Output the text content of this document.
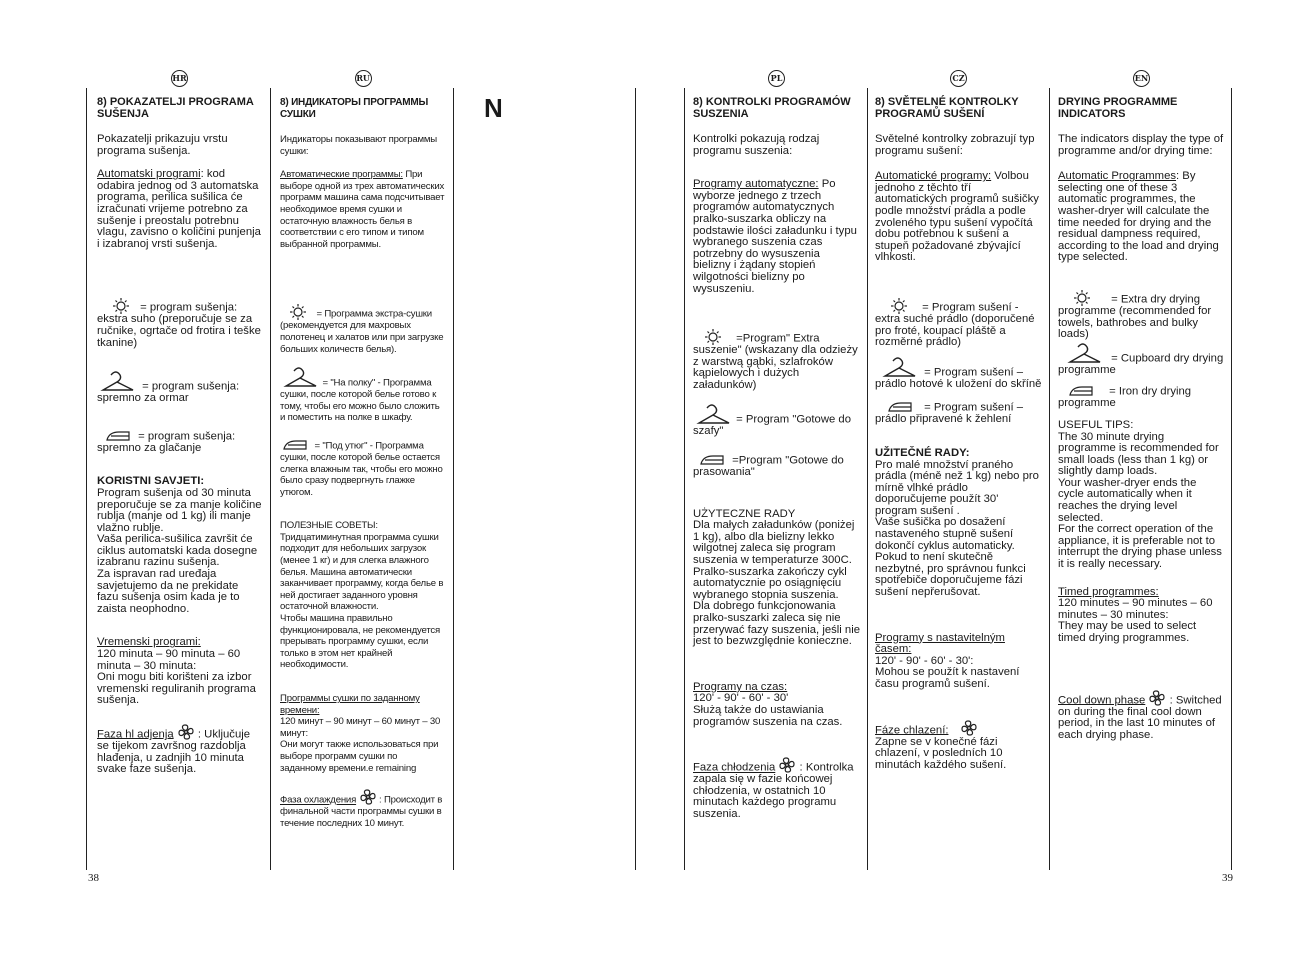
N
HR
8) POKAZATELJI PROGRAMA SUŠENJA

Pokazatelji prikazuju vrstu programa sušenja.

Automatski programi: kod odabira jednog od 3 automatska programa, perilica sušilica će izračunati vrijeme potrebno za sušenje i preostalu potrebnu vlagu, zavisno o količini punjenja i izabranoj vrsti sušenja.

= program sušenja: ekstra suho (preporučuje se za ručnike, ogrtače od frotira i teške tkanine)

= program sušenja: spremno za ormar

= program sušenja: spremno za glačanje

KORISTNI SAVJETI:

Program sušenja od 30 minuta preporučuje se za manje količine rublja (manje od 1 kg) ili manje vlažno rublje.

Vaša perilica-sušilica završit će ciklus automatski kada dosegne izabranu razinu sušenja.

Za ispravan rad uređaja savjetujemo da ne prekidate fazu sušenja osim kada je to zaista neophodno.

Vremenski programi:

120 minuta – 90 minuta – 60 minuta – 30 minuta:

Oni mogu biti korišteni za izbor vremenski reguliranih programa sušenja.

Faza hl adjenja  : Uključuje se tijekom završnog razdoblja hlađenja, u zadnjih 10 minuta svake faze sušenja.

RU
8) ИНДИКАТОРЫ ПРОГРАММЫ СУШКИ

Индикаторы показывают программы сушки:

Автоматические программы: При выборе одной из трех автоматических программ машина сама подсчитывает необходимое время сушки и остаточную влажность белья в соответствии с его типом и типом выбранной программы.

= Программа экстра-сушки (рекомендуется для махровых полотенец и халатов или при загрузке больших количеств белья).

= "На полку" - Программа сушки, после которой белье готово к тому, чтобы его можно было сложить и поместить на полке в шкафу.

= "Под утюг" - Программа сушки, после которой белье остается слегка влажным так, чтобы его можно было сразу подвергнуть глажке утюгом.

ПОЛЕЗНЫЕ СОВЕТЫ:

Тридцатиминутная программа сушки подходит для небольших загрузок (менее 1 кг) и для слегка влажного белья. Машина автоматически заканчивает программу, когда белье в ней достигает заданного уровня остаточной влажности.

Чтобы машина правильно функционировала, не рекомендуется прерывать программу сушки, если только в этом нет крайней необходимости.

Программы сушки по заданному времени:

120 минут – 90 минут – 60 минут – 30 минут:

Они могут также использоваться при выборе программ сушки по заданному времени.e remaining

Фаза охлаждения  : Происходит в финальной части программы сушки в течение последних 10 минут.

PL
8) KONTROLKI PROGRAMÓW SUSZENIA

Kontrolki pokazują rodzaj programu suszenia:

Programy automatyczne: Po wyborze jednego z trzech programów automatycznych pralko-suszarka obliczy na podstawie ilości załadunku i typu wybranego suszenia czas potrzebny do wysuszenia bielizny i żądany stopień wilgotności bielizny po wysuszeniu.

=Program" Extra suszenie" (wskazany dla odzieży z warstwą gąbki, szlafroków kąpielowych i dużych załadunków)

= Program "Gotowe do szafy"

=Program "Gotowe do prasowania"

UŻYTECZNE RADY

Dla małych załadunków (poniżej 1 kg), albo dla bielizny lekko wilgotnej zaleca się program suszenia w temperaturze 300C.

Pralko-suszarka zakończy cykl automatycznie po osiągnięciu wybranego stopnia suszenia.

Dla dobrego funkcjonowania pralko-suszarki zaleca się nie przerywać fazy suszenia, jeśli nie jest to bezwzględnie konieczne.

Programy na czas:

120' - 90' - 60' - 30'

Służą także do ustawiania programów suszenia na czas.

Faza chłodzenia  : Kontrolka zapala się w fazie końcowej chłodzenia, w ostatnich 10 minutach każdego programu suszenia.

CZ
8) SVĚTELNÉ KONTROLKY PROGRAMŮ SUŠENÍ

Světelné kontrolky zobrazují typ programu sušení:

Automatické programy: Volbou jednoho z těchto tří automatických programů sušičky podle množství prádla a podle zvoleného typu sušení vypočítá dobu potřebnou k sušení a stupeň požadované zbývající vlhkosti.

= Program sušení - extra suché prádlo (doporučené pro froté, koupací pláště a rozměrné prádlo)

= Program sušení – prádlo hotové k uložení do skříně

= Program sušení – prádlo připravené k žehlení

UŽITEČNÉ RADY:

Pro malé množství praného prádla (méně než 1 kg) nebo pro mírně vlhké prádlo doporučujeme použít 30' program sušení .

Vaše sušička po dosažení nastaveného stupně sušení dokončí cyklus automaticky.

Pokud to není skutečně nezbytné, pro správnou funkci spotřebiče doporučujeme fázi sušení nepřerušovat.

Programy s nastavitelným časem:

120' - 90' - 60' - 30':

Mohou se použít k nastavení času programů sušení.

Fáze chlazení:
Zapne se v konečné fázi chlazení, v posledních 10 minutách každého sušení.

EN
DRYING PROGRAMME INDICATORS

The indicators display the type of programme and/or drying time:

Automatic Programmes: By selecting one of these 3 automatic programmes, the washer-dryer will calculate the time needed for drying and the residual dampness required, according to the load and drying type selected.

= Extra dry drying programme (recommended for towels, bathrobes and bulky loads)

= Cupboard dry drying programme

= Iron dry drying programme

USEFUL TIPS:

The 30 minute drying programme is recommended for small loads (less than 1 kg) or slightly damp loads.

Your washer-dryer ends the cycle automatically when it reaches the drying level selected.

For the correct operation of the appliance, it is preferable not to interrupt the drying phase unless it is really necessary.

Timed programmes:

120 minutes – 90 minutes – 60 minutes – 30 minutes:

They may be used to select timed drying programmes.

Cool down phase  : Switched on during the final cool down period, in the last 10 minutes of each drying phase.

38	39
